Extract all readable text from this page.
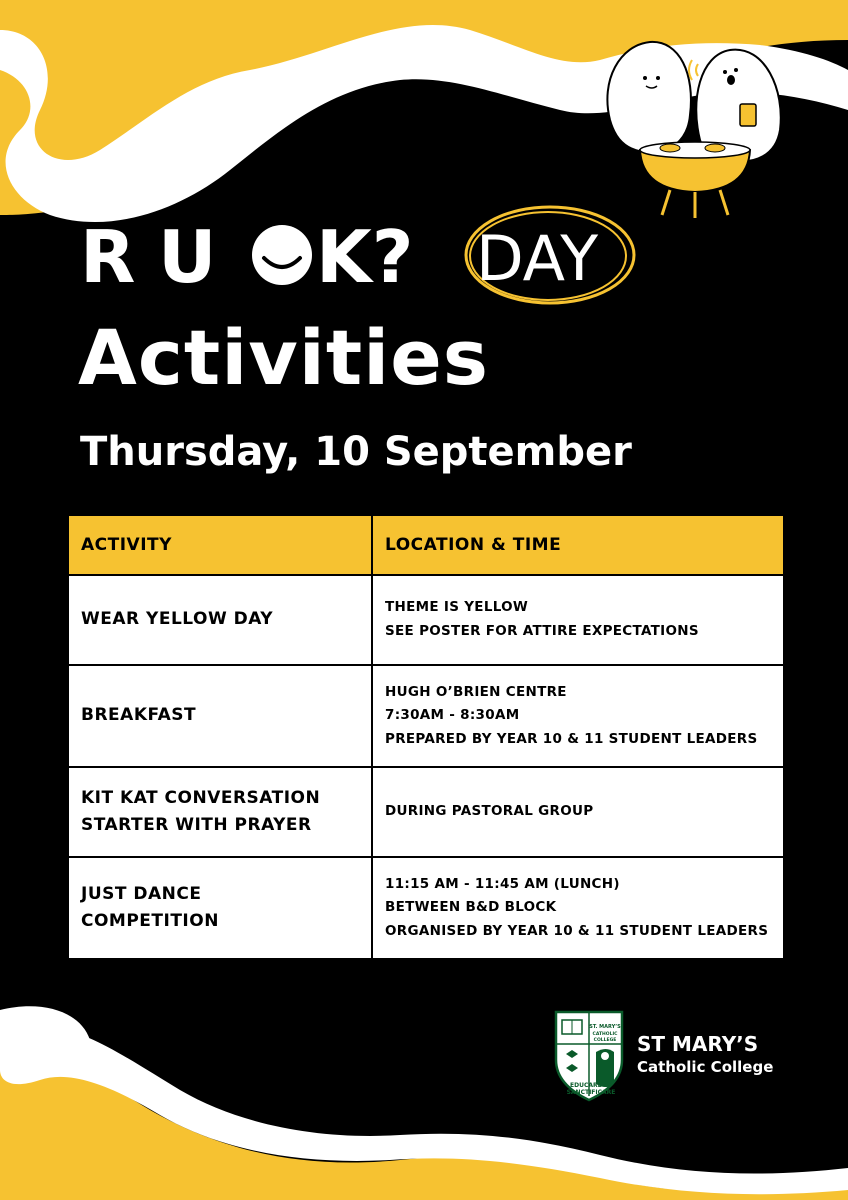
R U K? DAY
Activities
Thursday, 10 September
ACTIVITY	LOCATION & TIME

WEAR YELLOW DAY	THEME IS YELLOW
SEE POSTER FOR ATTIRE EXPECTATIONS

BREAKFAST	HUGH O’BRIEN CENTRE
7:30AM - 8:30AM
PREPARED BY YEAR 10 & 11 STUDENT LEADERS

KIT KAT CONVERSATION
STARTER WITH PRAYER	DURING PASTORAL GROUP

JUST DANCE
COMPETITION	11:15 AM - 11:45 AM (LUNCH)
BETWEEN B&D BLOCK
ORGANISED BY YEAR 10 & 11 STUDENT LEADERS
ST. MARY’S
CATHOLIC
COLLEGE
EDUCARE ET SANCTIFICARE

ST MARY’S

Catholic College
